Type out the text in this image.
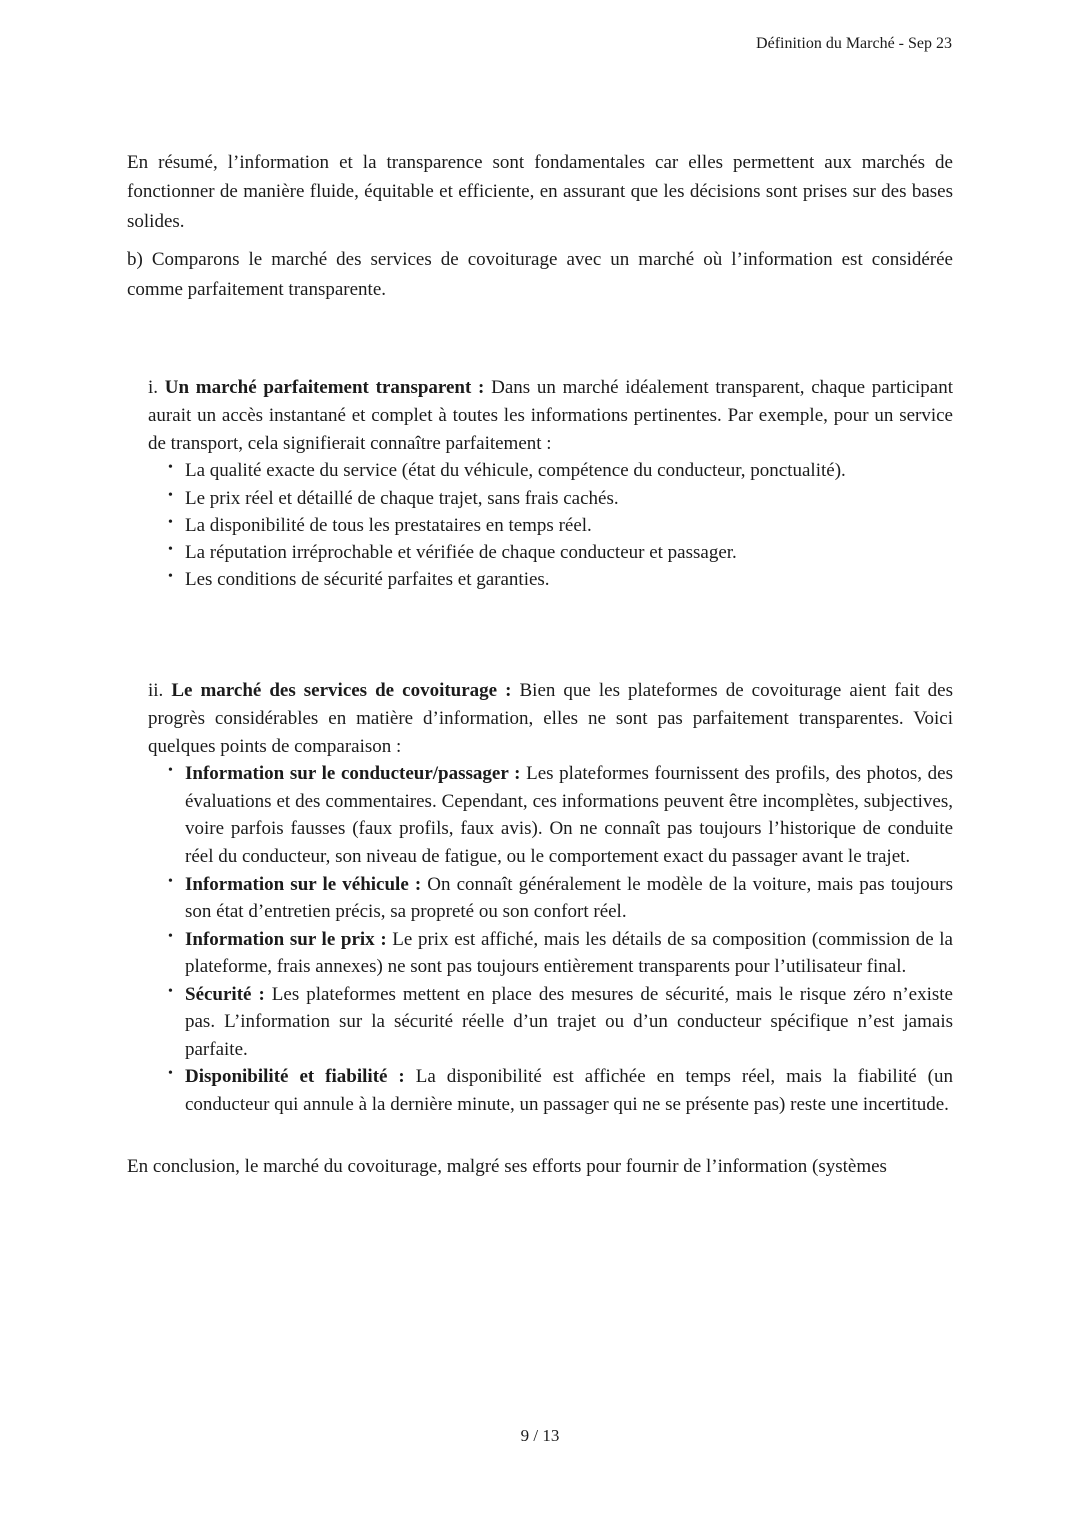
Définition du Marché - Sep 23

En résumé, l’information et la transparence sont fondamentales car elles permettent aux marchés de fonctionner de manière fluide, équitable et efficiente, en assurant que les décisions sont prises sur des bases solides.

b) Comparons le marché des services de covoiturage avec un marché où l’information est considérée comme parfaitement transparente.

i. Un marché parfaitement transparent : Dans un marché idéalement transparent, chaque participant aurait un accès instantané et complet à toutes les informations pertinentes. Par exemple, pour un service de transport, cela signifierait connaître parfaitement :
• La qualité exacte du service (état du véhicule, compétence du conducteur, ponctualité).
• Le prix réel et détaillé de chaque trajet, sans frais cachés.
• La disponibilité de tous les prestataires en temps réel.
• La réputation irréprochable et vérifiée de chaque conducteur et passager.
• Les conditions de sécurité parfaites et garanties.
ii. Le marché des services de covoiturage : Bien que les plateformes de covoiturage aient fait des progrès considérables en matière d’information, elles ne sont pas parfaitement transparentes. Voici quelques points de comparaison :
• Information sur le conducteur/passager : Les plateformes fournissent des profils, des photos, des évaluations et des commentaires. Cependant, ces informations peuvent être incomplètes, subjectives, voire parfois fausses (faux profils, faux avis). On ne connaît pas toujours l’historique de conduite réel du conducteur, son niveau de fatigue, ou le comportement exact du passager avant le trajet.
• Information sur le véhicule : On connaît généralement le modèle de la voiture, mais pas toujours son état d’entretien précis, sa propreté ou son confort réel.
• Information sur le prix : Le prix est affiché, mais les détails de sa composition (commission de la plateforme, frais annexes) ne sont pas toujours entièrement transparents pour l’utilisateur final.
• Sécurité : Les plateformes mettent en place des mesures de sécurité, mais le risque zéro n’existe pas. L’information sur la sécurité réelle d’un trajet ou d’un conducteur spécifique n’est jamais parfaite.
• Disponibilité et fiabilité : La disponibilité est affichée en temps réel, mais la fiabilité (un conducteur qui annule à la dernière minute, un passager qui ne se présente pas) reste une incertitude.

En conclusion, le marché du covoiturage, malgré ses efforts pour fournir de l’information (systèmes

9 / 13
